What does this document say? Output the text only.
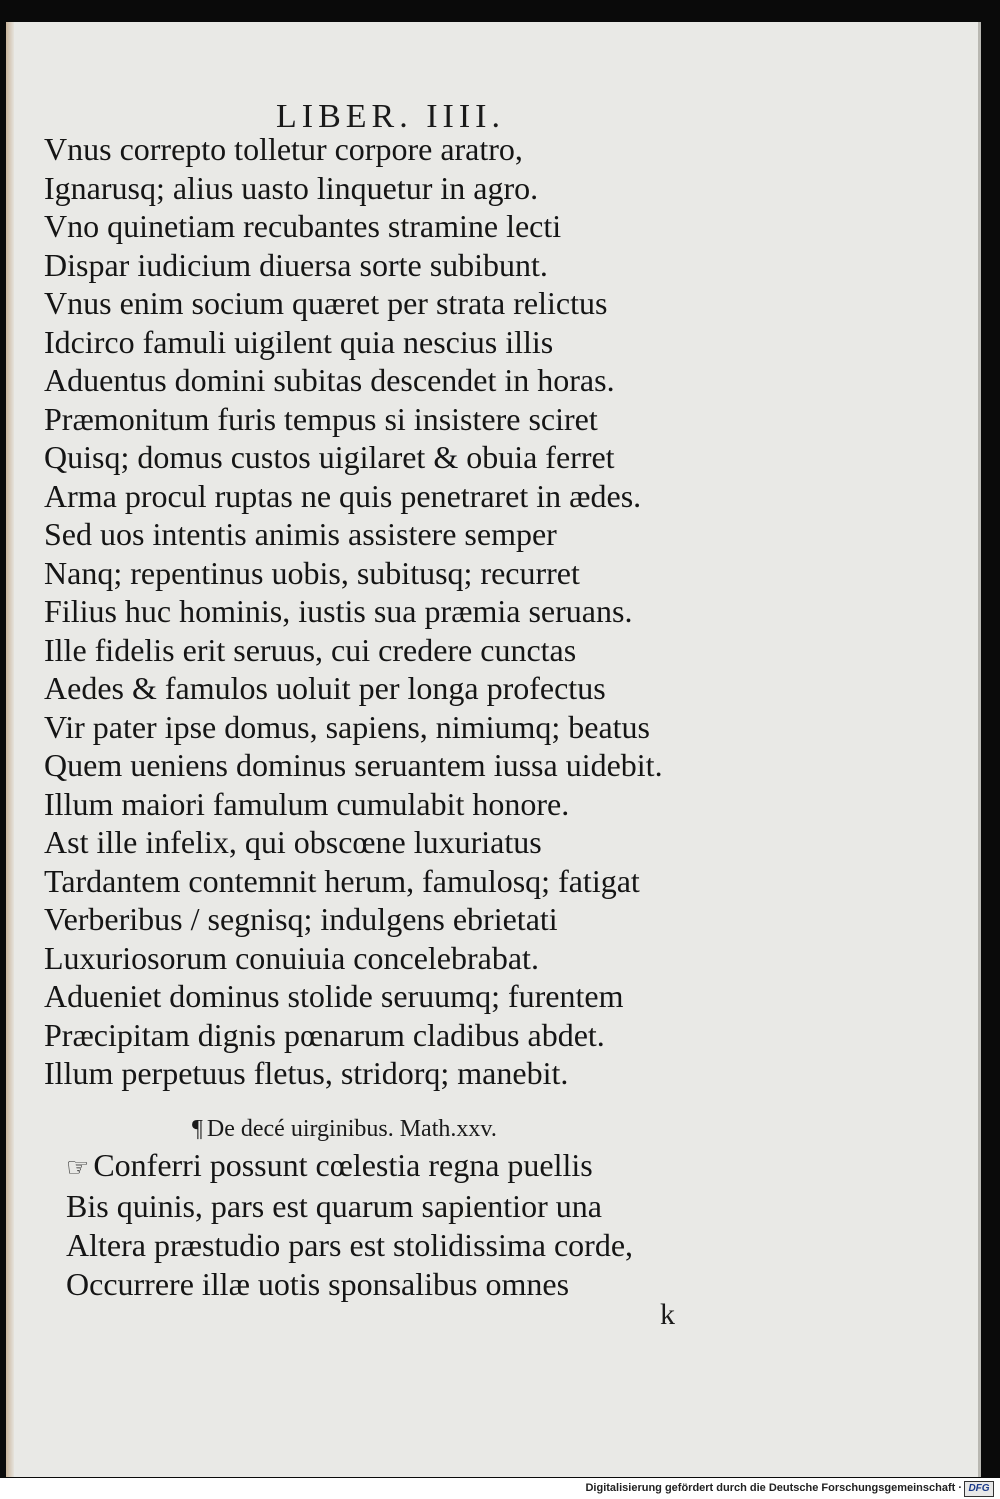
LIBER. IIII.
Vnus correpto tolletur corpore aratro,
Ignarusq; alius uasto linquetur in agro.
Vno quinetiam recubantes stramine lecti
Dispar iudicium diuersa sorte subibunt.
Vnus enim socium quæret per strata relictus
Idcirco famuli uigilent quia nescius illis
Aduentus domini subitas descendet in horas.
Præmonitum furis tempus si insistere sciret
Quisq; domus custos uigilaret & obuia ferret
Arma procul ruptas ne quis penetraret in ædes.
Sed uos intentis animis assistere semper
Nanq; repentinus uobis, subitusq; recurret
Filius huc hominis, iustis sua præmia seruans.
Ille fidelis erit seruus, cui credere cunctas
Aedes & famulos uoluit per longa profectus
Vir pater ipse domus, sapiens, nimiumq; beatus
Quem ueniens dominus seruantem iussa uidebit.
Illum maiori famulum cumulabit honore.
Ast ille infelix, qui obscœne luxuriatus
Tardantem contemnit herum, famulosq; fatigat
Verberibus / segnisq; indulgens ebrietati
Luxuriosorum conuiuia concelebrabat.
Adueniet dominus stolide seruumq; furentem
Præcipitam dignis pœnarum cladibus abdet.
Illum perpetuus fletus, stridorq; manebit.
¶ De decé uirginibus. Math.xxv.
☞ Conferri possunt cœlestia regna puellis
Bis quinis, pars est quarum sapientior una
Altera præstudio pars est stolidissima corde,
Occurrere illæ uotis sponsalibus omnes
k
Digitalisierung gefördert durch die Deutsche Forschungsgemeinschaft · DFG
